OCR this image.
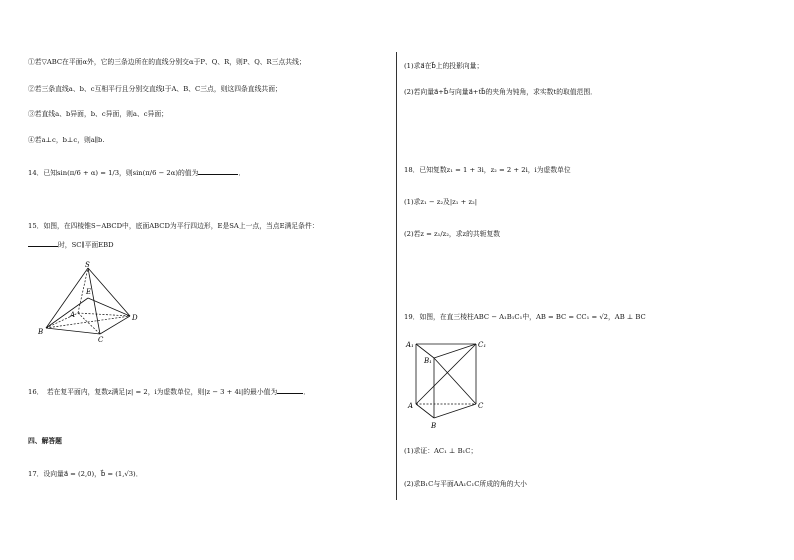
①若▽ABC在平面α外，它的三条边所在的直线分别交α于P、Q、R，则P、Q、R三点共线；
②若三条直线a、b、c互相平行且分别交直线l于A、B、C三点，则这四条直线共面；
③若直线a、b异面，b、c异面，则a、c异面；
④若a⊥c，b⊥c，则a∥b.
14．已知sin(π/6 + α) = 1/3，则sin(π/6 − 2α)的值为	．
15．如图，在四棱锥S−ABCD中，底面ABCD为平行四边形，E是SA上一点，当点E满足条件：
时，SC∥平面EBD
S
E
A
B
C
D
16．　若在复平面内，复数z满足|z| = 2，i为虚数单位，则|z − 3 + 4i|的最小值为	．
四、解答题
17．设向量a⃗ = (2,0)，b⃗ = (1,√3)．
(1)求a⃗在b⃗上的投影向量；
(2)若向量a⃗+b⃗与向量a⃗+tb⃗的夹角为钝角，求实数t的取值范围．
18．已知复数z₁ = 1 + 3i，z₂ = 2 + 2i，i为虚数单位
(1)求z₁ − z₂及|z₁ + z₂|
(2)若z = z₁/z₂，求z的共轭复数
19．如图，在直三棱柱ABC − A₁B₁C₁中，AB = BC = CC₁ = √2，AB ⊥ BC
A₁
B₁
C₁
A
B
C
(1)求证：AC₁ ⊥ B₁C；
(2)求B₁C与平面AA₁C₁C所成的角的大小
